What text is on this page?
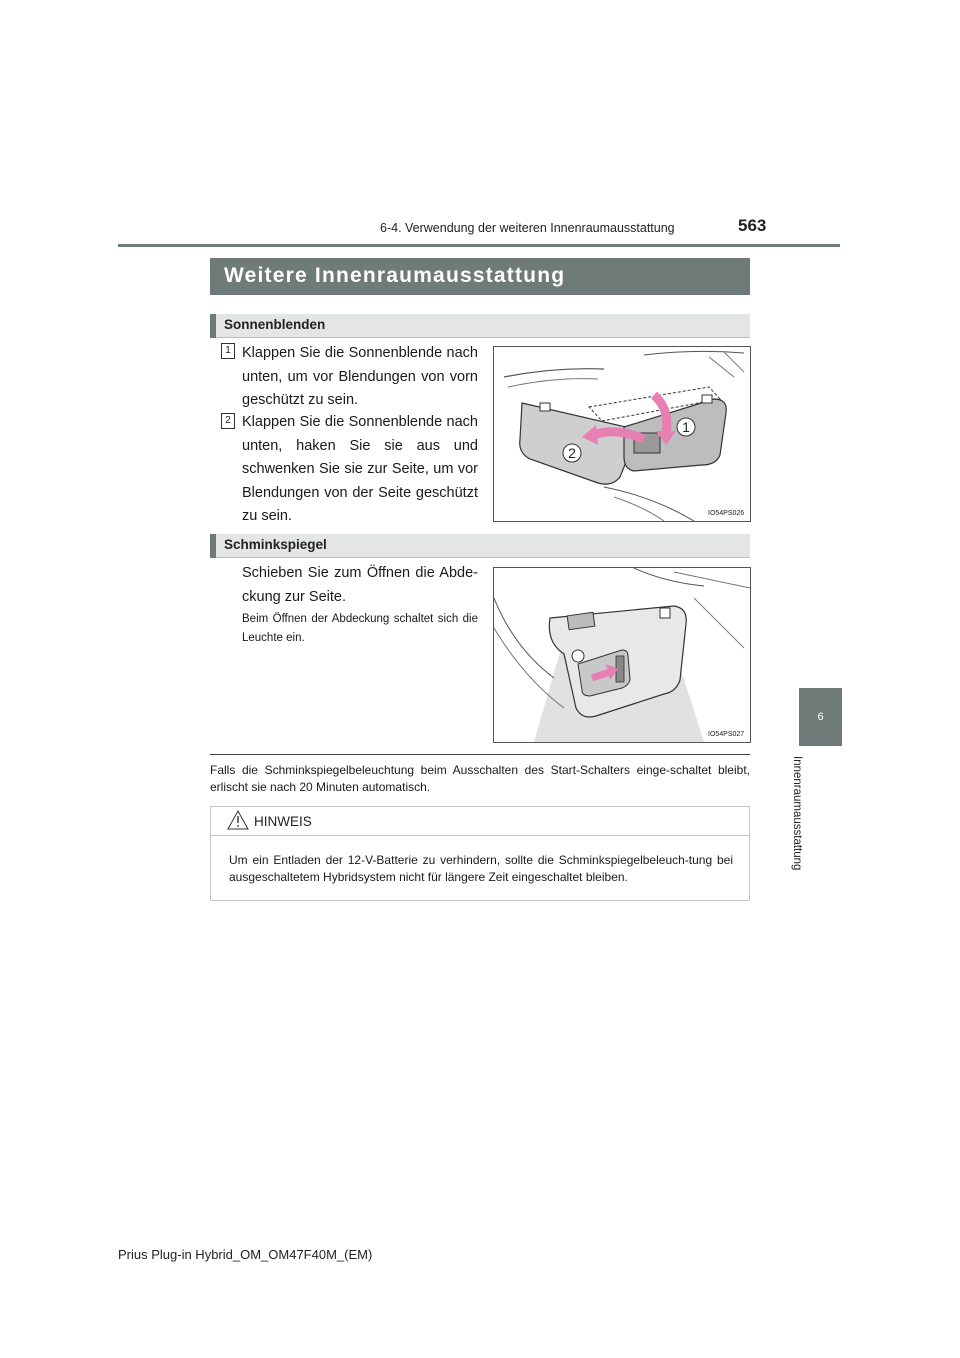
6-4. Verwendung der weiteren Innenraumausstattung	563
6
Innenraumausstattung
Weitere Innenraumausstattung
Sonnenblenden
1 Klappen Sie die Sonnenblende nach unten, um vor Blendungen von vorn geschützt zu sein.
2 Klappen Sie die Sonnenblende nach unten, haken Sie sie aus und schwenken Sie sie zur Seite, um vor Blendungen von der Seite geschützt zu sein.
1
2
IO54PS026
Schminkspiegel
Schieben Sie zum Öffnen die Abde-ckung zur Seite.
Beim Öffnen der Abdeckung schaltet sich die Leuchte ein.
IO54PS027
Falls die Schminkspiegelbeleuchtung beim Ausschalten des Start-Schalters einge-schaltet bleibt, erlischt sie nach 20 Minuten automatisch.
HINWEIS
Um ein Entladen der 12-V-Batterie zu verhindern, sollte die Schminkspiegelbeleuch-tung bei ausgeschaltetem Hybridsystem nicht für längere Zeit eingeschaltet bleiben.
Prius Plug-in Hybrid_OM_OM47F40M_(EM)
